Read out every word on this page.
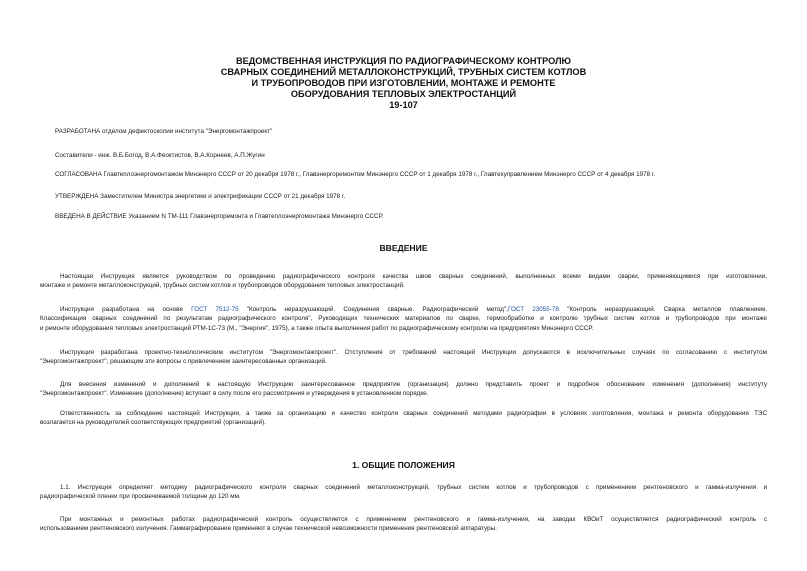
ВЕДОМСТВЕННАЯ ИНСТРУКЦИЯ ПО РАДИОГРАФИЧЕСКОМУ КОНТРОЛЮ
СВАРНЫХ СОЕДИНЕНИЙ МЕТАЛЛОКОНСТРУКЦИЙ, ТРУБНЫХ СИСТЕМ КОТЛОВ
И ТРУБОПРОВОДОВ ПРИ ИЗГОТОВЛЕНИИ, МОНТАЖЕ И РЕМОНТЕ
ОБОРУДОВАНИЯ ТЕПЛОВЫХ ЭЛЕКТРОСТАНЦИЙ
19-107
РАЗРАБОТАНА отделом дефектоскопии института "Энергомонтажпроект"
Составители - инж. В.Б.Богод, В.А.Феоктистов, В.А.Корнеев, А.П.Жугин
СОГЛАСОВАНА Главтеплоэнергомонтажом Минэнерго СССР от 20 декабря 1978 г., Главэнергоремонтом Минэнерго СССР от 1 декабря 1978 г., Главтехуправлением Минэнерго СССР от 4 декабря 1978 г.
УТВЕРЖДЕНА Заместителем Министра энергетики и электрификации СССР от 21 декабря 1978 г.
ВВЕДЕНА В ДЕЙСТВИЕ Указанием N ТМ-111 Главэнергоремонта и Главтеплоэнергомонтажа Минэнерго СССР.
ВВЕДЕНИЕ
Настоящая Инструкция является руководством по проведению радиографического контроля качества швов сварных соединений, выполненных всеми видами сварки, применяющимися при изготовлении,
монтаже и ремонте металлоконструкций, трубных систем котлов и трубопроводов оборудования тепловых электростанций.
Инструкция разработана на основе ГОСТ 7512-75 "Контроль неразрушающий. Соединения сварные. Радиографический метод",ГОСТ 23055-78 "Контроль неразрушающий. Сварка металлов плавлением.
Классификация сварных соединений по результатам радиографического контроля", Руководящих технических материалов по сварке, термообработке и контролю трубных систем котлов и трубопроводов при монтаже
и ремонте оборудования тепловых электростанций РТМ-1С-73 (М., "Энергия", 1975), а также опыта выполнения работ по радиографическому контролю на предприятиях Минэнерго СССР.
Инструкция разработана проектно-технологическим институтом "Энергомонтажпроект". Отступления от требований настоящей Инструкции допускаются в исключительных случаях по согласованию с институтом
"Энергомонтажпроект", решающим эти вопросы с привлечением заинтересованных организаций.
Для внесения изменений и дополнений в настоящую Инструкцию заинтересованное предприятие (организация) должно представить проект и подробное обоснование изменения (дополнения) институту
"Энергомонтажпроект". Изменение (дополнение) вступает в силу после его рассмотрения и утверждения в установленном порядке.
Ответственность за соблюдение настоящей Инструкции, а также за организацию и качество контроля сварных соединений методами радиографии в условиях изготовления, монтажа и ремонта оборудования ТЭС
возлагается на руководителей соответствующих предприятий (организаций).
1. ОБЩИЕ ПОЛОЖЕНИЯ
1.1. Инструкция определяет методику радиографического контроля сварных соединений металлоконструкций, трубных систем котлов и трубопроводов с применением рентгеновского и гамма-излучения и
радиографической пленки при просвечиваемой толщине до 120 мм.
При монтажных и ремонтных работах радиографический контроль осуществляется с применением рентгеновского и гамма-излучения, на заводах КВОиТ осуществляется радиографический контроль с
использованием рентгеновского излучения. Гаммаграфирование применяют в случае технической невозможности применения рентгеновской аппаратуры.
